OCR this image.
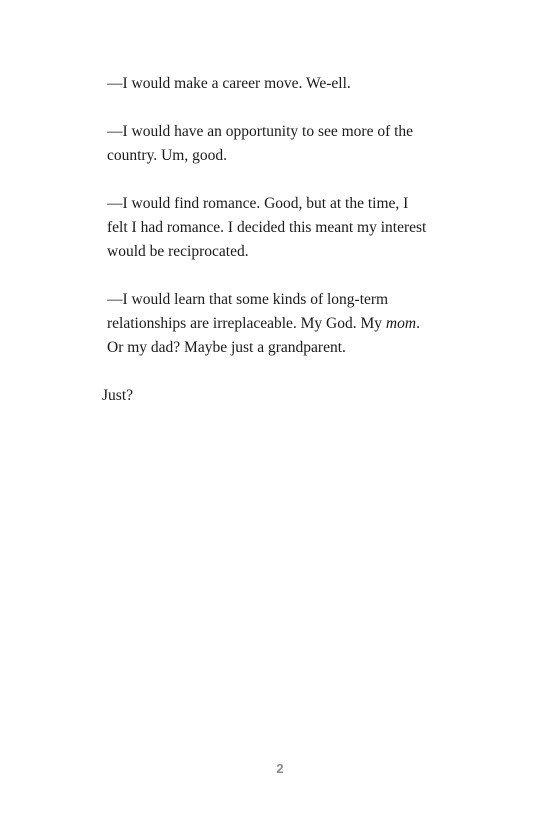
—I would make a career move. We-ell.

—I would have an opportunity to see more of the
country. Um, good.

—I would find romance. Good, but at the time, I
felt I had romance. I decided this meant my interest
would be reciprocated.

—I would learn that some kinds of long-term
relationships are irreplaceable. My God. My mom.
Or my dad? Maybe just a grandparent.

Just?

2
